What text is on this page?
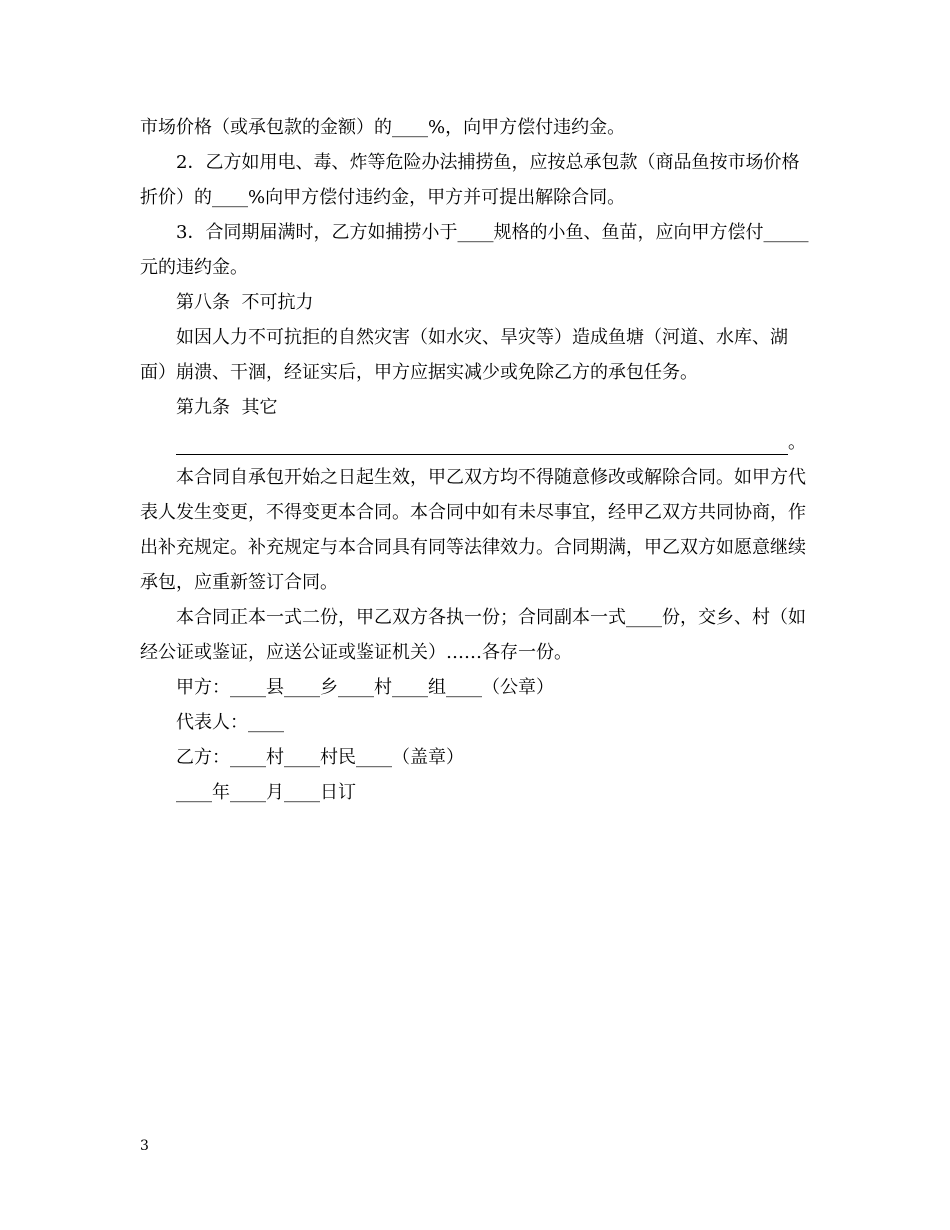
市场价格（或承包款的金额）的____%，向甲方偿付违约金。

2．乙方如用电、毒、炸等危险办法捕捞鱼，应按总承包款（商品鱼按市场价格折价）的____%向甲方偿付违约金，甲方并可提出解除合同。

3．合同期届满时，乙方如捕捞小于____规格的小鱼、鱼苗，应向甲方偿付_____元的违约金。

第八条  不可抗力

如因人力不可抗拒的自然灾害（如水灾、旱灾等）造成鱼塘（河道、水库、湖面）崩溃、干涸，经证实后，甲方应据实减少或免除乙方的承包任务。

第九条  其它

。

本合同自承包开始之日起生效，甲乙双方均不得随意修改或解除合同。如甲方代表人发生变更，不得变更本合同。本合同中如有未尽事宜，经甲乙双方共同协商，作出补充规定。补充规定与本合同具有同等法律效力。合同期满，甲乙双方如愿意继续承包，应重新签订合同。

本合同正本一式二份，甲乙双方各执一份；合同副本一式____份，交乡、村（如经公证或鉴证，应送公证或鉴证机关）……各存一份。

甲方：____县____乡____村____组____（公章）

代表人：____

乙方：____村____村民____（盖章）

____年____月____日订

3
